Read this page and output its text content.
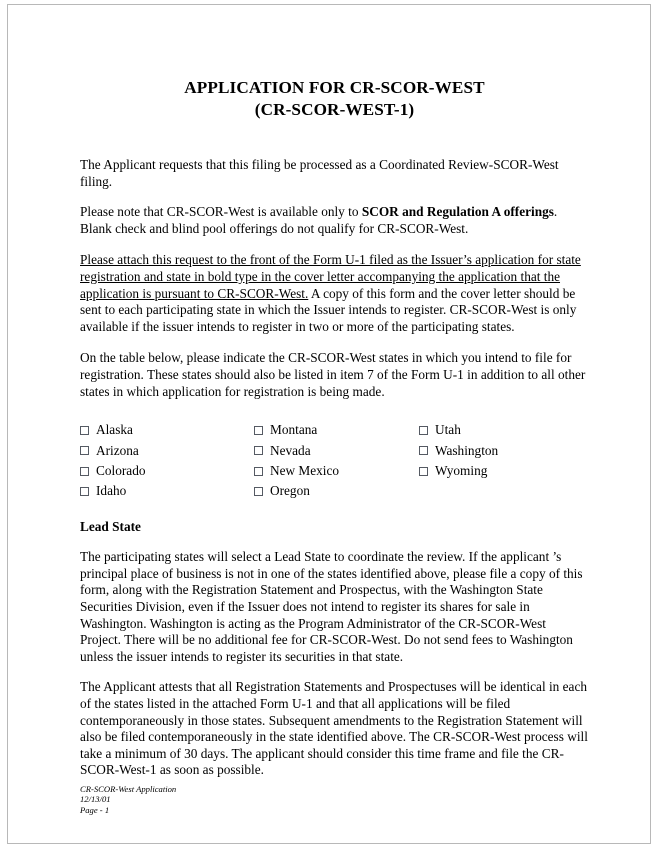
APPLICATION FOR CR-SCOR-WEST
(CR-SCOR-WEST-1)

The Applicant requests that this filing be processed as a Coordinated Review-SCOR-West filing.

Please note that CR-SCOR-West is available only to SCOR and Regulation A offerings. Blank check and blind pool offerings do not qualify for CR-SCOR-West.

Please attach this request to the front of the Form U-1 filed as the Issuer’s application for state registration and state in bold type in the cover letter accompanying the application that the application is pursuant to CR-SCOR-West. A copy of this form and the cover letter should be sent to each participating state in which the Issuer intends to register. CR-SCOR-West is only available if the issuer intends to register in two or more of the participating states.

On the table below, please indicate the CR-SCOR-West states in which you intend to file for registration. These states should also be listed in item 7 of the Form U-1 in addition to all other states in which application for registration is being made.

Alaska
Arizona
Colorado
Idaho
Montana
Nevada
New Mexico
Oregon
Utah
Washington
Wyoming
Lead State

The participating states will select a Lead State to coordinate the review. If the applicant ’s principal place of business is not in one of the states identified above, please file a copy of this form, along with the Registration Statement and Prospectus, with the Washington State Securities Division, even if the Issuer does not intend to register its shares for sale in Washington. Washington is acting as the Program Administrator of the CR-SCOR-West Project. There will be no additional fee for CR-SCOR-West. Do not send fees to Washington unless the issuer intends to register its securities in that state.

The Applicant attests that all Registration Statements and Prospectuses will be identical in each of the states listed in the attached Form U-1 and that all applications will be filed contemporaneously in those states. Subsequent amendments to the Registration Statement will also be filed contemporaneously in the state identified above. The CR-SCOR-West process will take a minimum of 30 days. The applicant should consider this time frame and file the CR-SCOR-West-1 as soon as possible.

CR-SCOR-West Application
12/13/01
Page - 1
